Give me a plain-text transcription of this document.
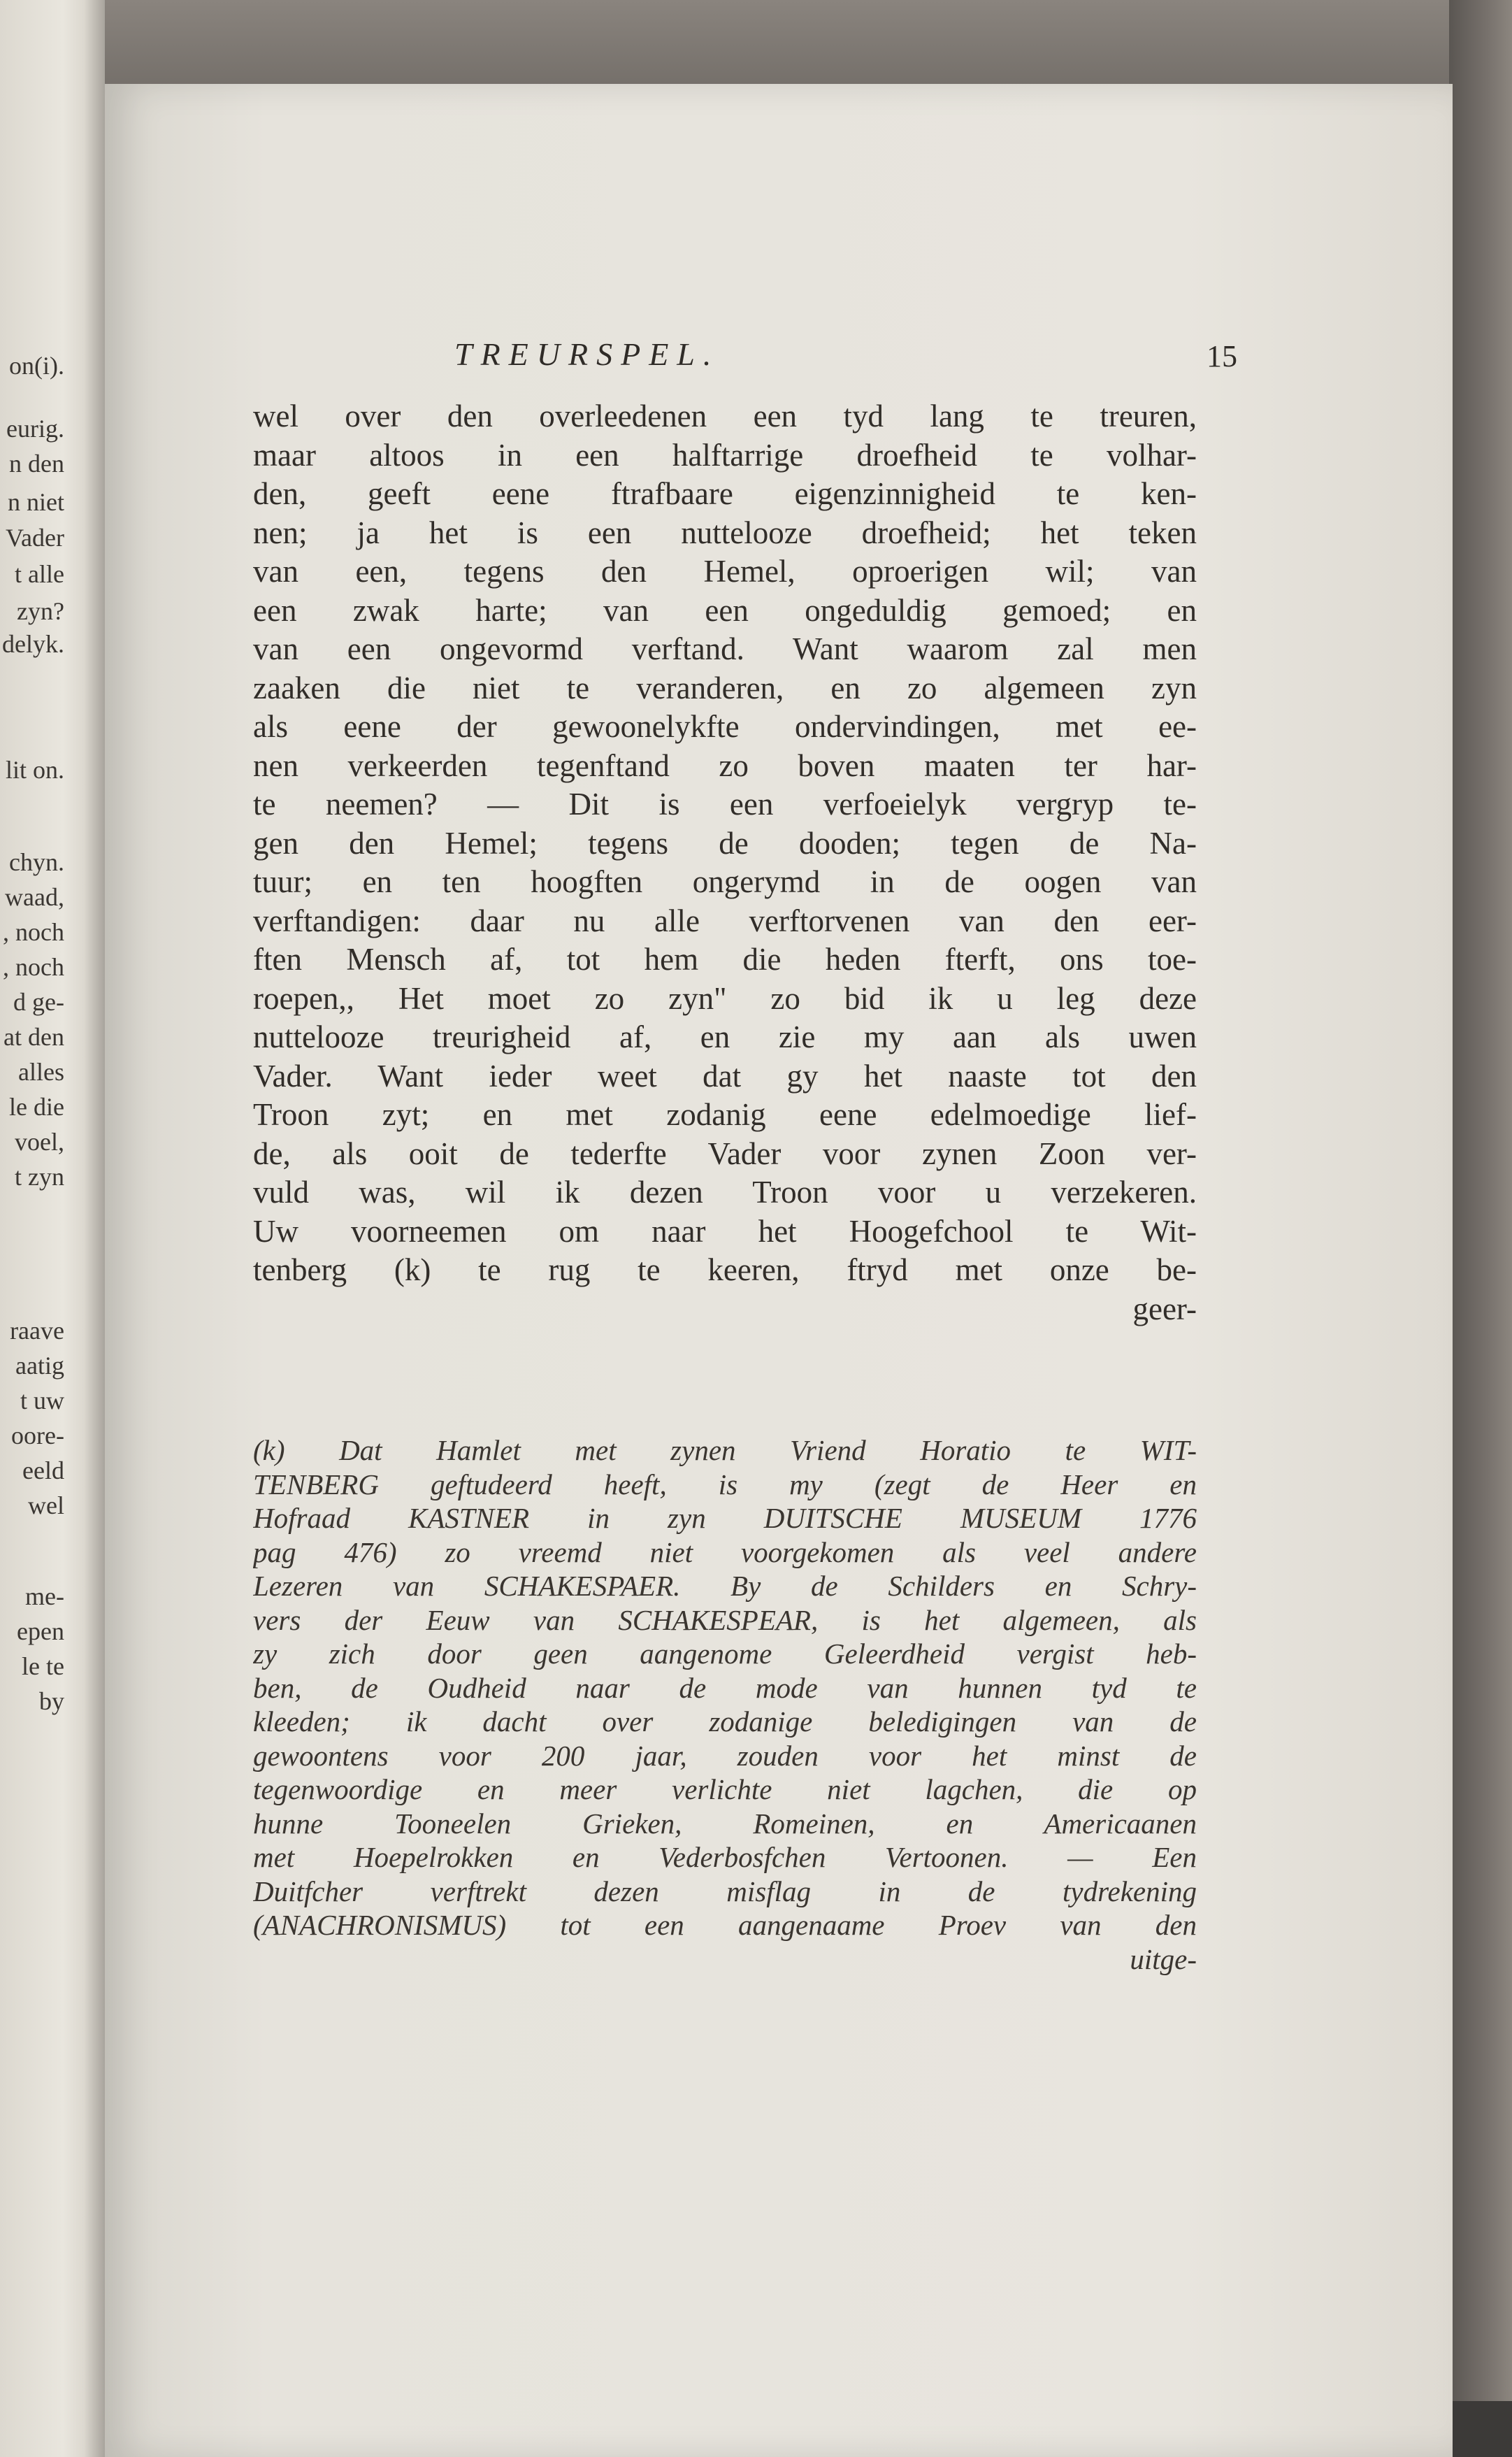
on(i).
eurig.
n den
n niet
Vader
t alle
zyn?
delyk.
lit on.
chyn.
waad,
, noch
, noch
d ge-
at den
alles
le die
voel,
t zyn
raave
aatig
t uw
oore-
eeld
wel
me-
epen
le te
by
TREURSPEL.	15
wel over den overleedenen een tyd lang te treuren,
maar altoos in een halftarrige droefheid te volhar-
den, geeft eene ftrafbaare eigenzinnigheid te ken-
nen; ja het is een nuttelooze droefheid; het teken
van een, tegens den Hemel, oproerigen wil; van
een zwak harte; van een ongeduldig gemoed; en
van een ongevormd verftand. Want waarom zal men
zaaken die niet te veranderen, en zo algemeen zyn
als eene der gewoonelykfte ondervindingen, met ee-
nen verkeerden tegenftand zo boven maaten ter har-
te neemen? — Dit is een verfoeielyk vergryp te-
gen den Hemel; tegens de dooden; tegen de Na-
tuur; en ten hoogften ongerymd in de oogen van
verftandigen: daar nu alle verftorvenen van den eer-
ften Mensch af, tot hem die heden fterft, ons toe-
roepen,, Het moet zo zyn" zo bid ik u leg deze
nuttelooze treurigheid af, en zie my aan als uwen
Vader. Want ieder weet dat gy het naaste tot den
Troon zyt; en met zodanig eene edelmoedige lief-
de, als ooit de tederfte Vader voor zynen Zoon ver-
vuld was, wil ik dezen Troon voor u verzekeren.
Uw voorneemen om naar het Hoogefchool te Wit-
tenberg (k) te rug te keeren, ftryd met onze be-
geer-
(k) Dat Hamlet met zynen Vriend Horatio te WIT-
TENBERG geftudeerd heeft, is my (zegt de Heer en
Hofraad KASTNER in zyn DUITSCHE MUSEUM 1776
pag 476) zo vreemd niet voorgekomen als veel andere
Lezeren van SCHAKESPAER. By de Schilders en Schry-
vers der Eeuw van SCHAKESPEAR, is het algemeen, als
zy zich door geen aangenome Geleerdheid vergist heb-
ben, de Oudheid naar de mode van hunnen tyd te
kleeden; ik dacht over zodanige beledigingen van de
gewoontens voor 200 jaar, zouden voor het minst de
tegenwoordige en meer verlichte niet lagchen, die op
hunne Tooneelen Grieken, Romeinen, en Americaanen
met Hoepelrokken en Vederbosfchen Vertoonen. — Een
Duitfcher verftrekt dezen misflag in de tydrekening
(ANACHRONISMUS) tot een aangenaame Proev van den
uitge-
